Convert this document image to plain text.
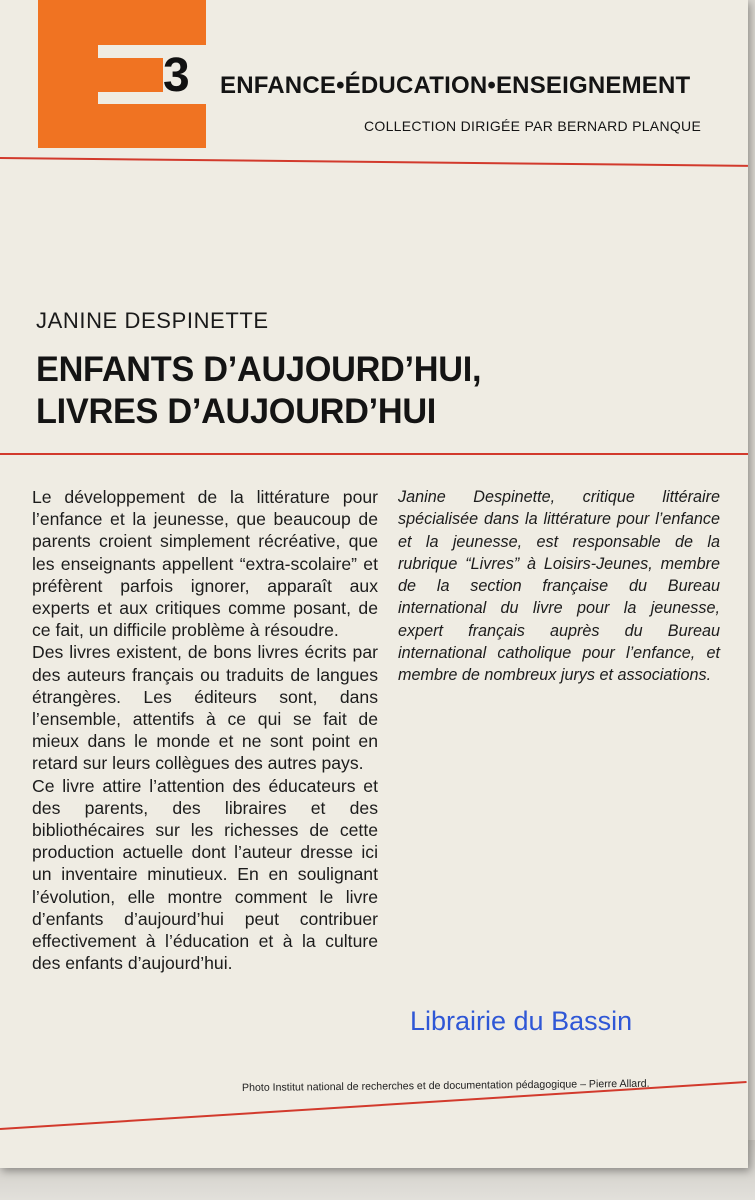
3 ENFANCE•ÉDUCATION•ENSEIGNEMENT
COLLECTION DIRIGÉE PAR BERNARD PLANQUE
JANINE DESPINETTE
ENFANTS D’AUJOURD’HUI,
LIVRES D’AUJOURD’HUI

Le développement de la littérature pour l’enfance et la jeunesse, que beaucoup de parents croient simplement récréative, que les enseignants appellent “extra-scolaire” et préfèrent parfois ignorer, apparaît aux experts et aux critiques comme posant, de ce fait, un difficile problème à résoudre.

Des livres existent, de bons livres écrits par des auteurs français ou traduits de langues étrangères. Les éditeurs sont, dans l’ensemble, attentifs à ce qui se fait de mieux dans le monde et ne sont point en retard sur leurs collègues des autres pays.

Ce livre attire l’attention des éducateurs et des parents, des libraires et des bibliothécaires sur les richesses de cette production actuelle dont l’auteur dresse ici un inventaire minutieux. En en soulignant l’évolution, elle montre comment le livre d’enfants d’aujourd’hui peut contribuer effectivement à l’éducation et à la culture des enfants d’aujourd’hui.

Janine Despinette, critique littéraire spécialisée dans la littérature pour l’enfance et la jeunesse, est responsable de la rubrique “Livres” à Loisirs-Jeunes, membre de la section française du Bureau international du livre pour la jeunesse, expert français auprès du Bureau international catholique pour l’enfance, et membre de nombreux jurys et associations.

Librairie du Bassin
Photo Institut national de recherches et de documentation pédagogique – Pierre Allard.
